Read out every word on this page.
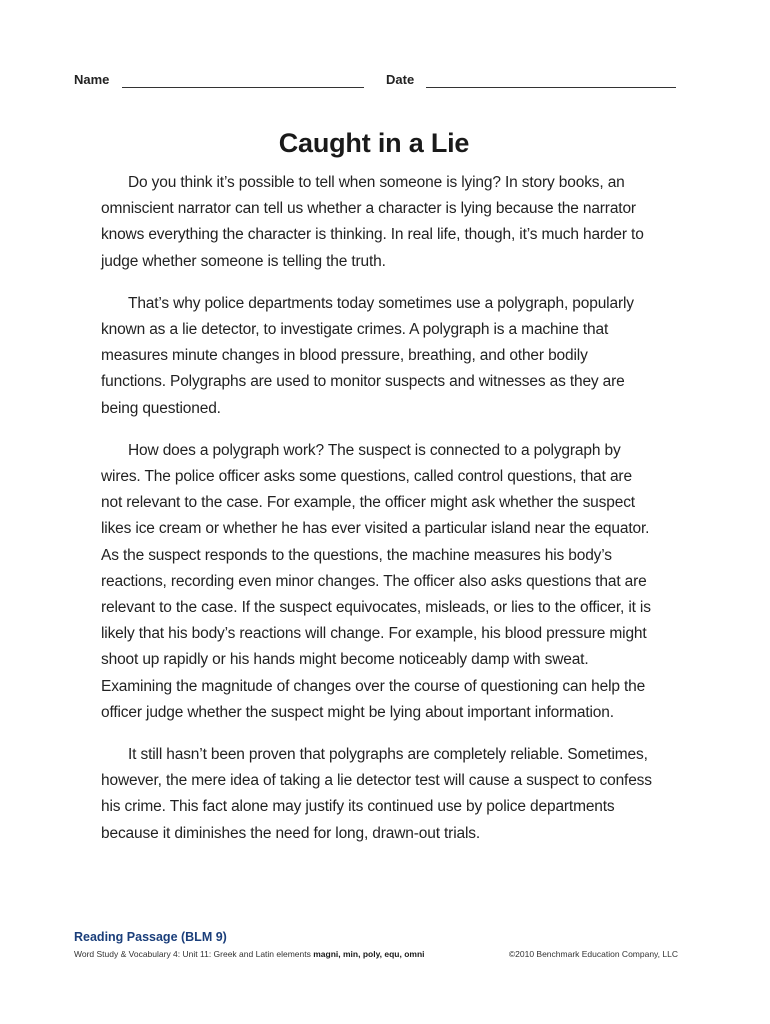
Name	Date
Caught in a Lie

Do you think it’s possible to tell when someone is lying? In story books, an omniscient narrator can tell us whether a character is lying because the narrator knows everything the character is thinking. In real life, though, it’s much harder to judge whether someone is telling the truth.

That’s why police departments today sometimes use a polygraph, popularly known as a lie detector, to investigate crimes. A polygraph is a machine that measures minute changes in blood pressure, breathing, and other bodily functions. Polygraphs are used to monitor suspects and witnesses as they are being questioned.

How does a polygraph work? The suspect is connected to a polygraph by wires. The police officer asks some questions, called control questions, that are not relevant to the case. For example, the officer might ask whether the suspect likes ice cream or whether he has ever visited a particular island near the equator. As the suspect responds to the questions, the machine measures his body’s reactions, recording even minor changes. The officer also asks questions that are relevant to the case. If the suspect equivocates, misleads, or lies to the officer, it is likely that his body’s reactions will change. For example, his blood pressure might shoot up rapidly or his hands might become noticeably damp with sweat. Examining the magnitude of changes over the course of questioning can help the officer judge whether the suspect might be lying about important information.

It still hasn’t been proven that polygraphs are completely reliable. Sometimes, however, the mere idea of taking a lie detector test will cause a suspect to confess his crime. This fact alone may justify its continued use by police departments because it diminishes the need for long, drawn-out trials.

Reading Passage (BLM 9)
Word Study & Vocabulary 4: Unit 11: Greek and Latin elements magni, min, poly, equ, omni	©2010 Benchmark Education Company, LLC
